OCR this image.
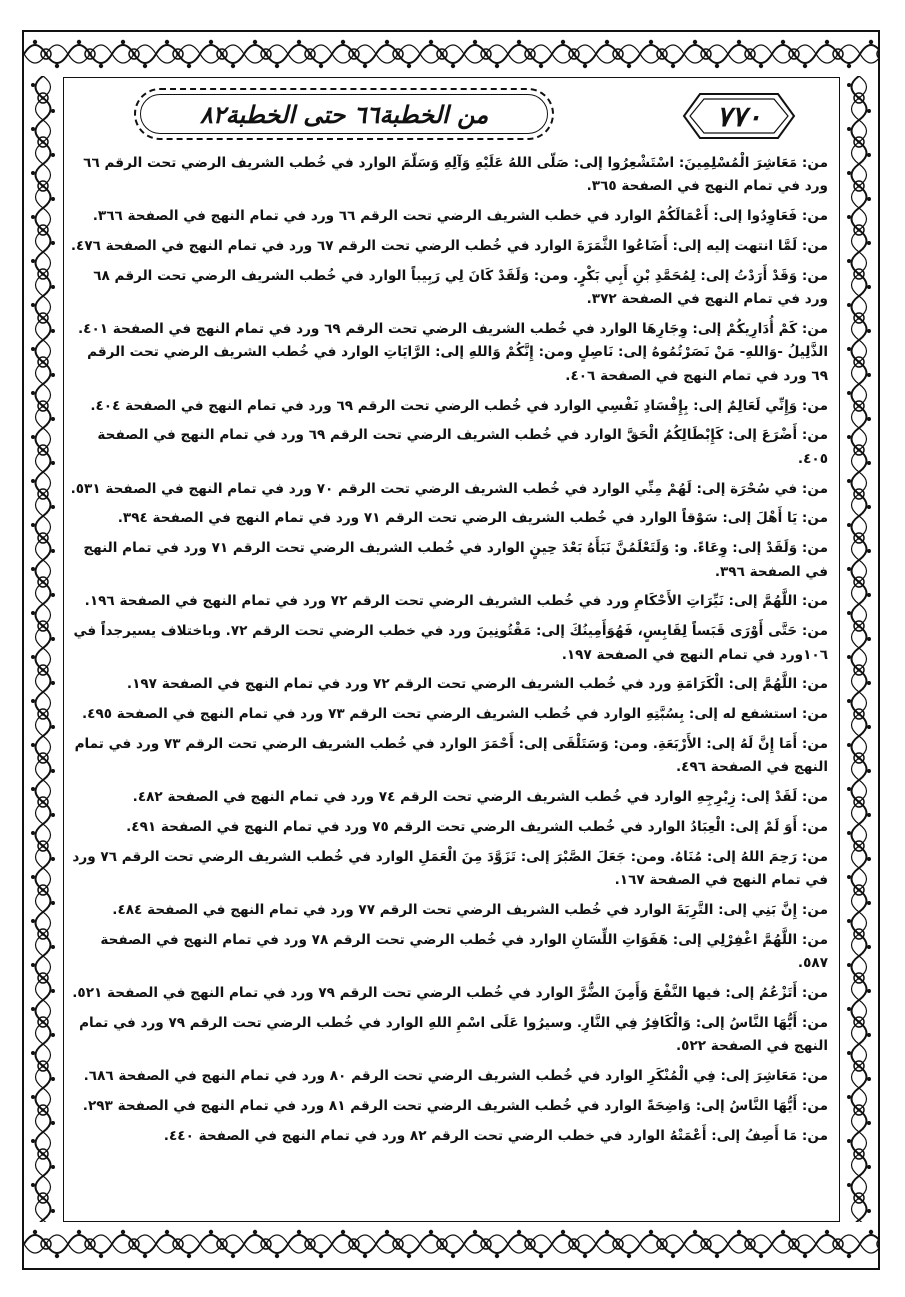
من الخطبة٦٦ حتى الخطبة٨٢	٧٧٠

من: مَعَاشِرَ الْمُسْلِمِينَ: اسْتَشْعِرُوا إلى: صَلَّى اللهُ عَلَيْهِ وَآلِهِ وَسَلَّمَ الوارد في خُطب الشريف الرضي تحت الرقم ٦٦ ورد في تمام النهج في الصفحة ٣٦٥.

من: فَعَاوِدُوا إلى: أَعْمَالَكُمْ الوارد في خطب الشريف الرضي تحت الرقم ٦٦ ورد في تمام النهج في الصفحة ٣٦٦.

من: لَمَّا انتهت إليه إلى: أَضَاعُوا الثَّمَرَةَ الوارد في خُطب الرضي تحت الرقم ٦٧ ورد في تمام النهج في الصفحة ٤٧٦.

من: وَقَدْ أَرَدْتُ إلى: لِمُحَمَّدِ بْنِ أَبِي بَكْرٍ. ومن: وَلَقَدْ كَانَ لِي رَبِيباً الوارد في خُطب الشريف الرضي تحت الرقم ٦٨ ورد في تمام النهج في الصفحة ٣٧٢.

من: كَمْ أُدَارِيكُمْ إلى: وِجَارِهَا الوارد في خُطب الشريف الرضي تحت الرقم ٦٩ ورد في تمام النهج في الصفحة ٤٠١. الذَّلِيلُ -وَاللهِ- مَنْ نَصَرْتُمُوهُ إلى: نَاصِلٍ ومن: إِنَّكُمْ وَاللهِ إلى: الرَّايَاتِ الوارد في خُطب الشريف الرضي تحت الرقم ٦٩ ورد في تمام النهج في الصفحة ٤٠٦.

من: وَإِنِّي لَعَالِمٌ إلى: بِإِفْسَادِ نَفْسِي الوارد في خُطب الرضي تحت الرقم ٦٩ ورد في تمام النهج في الصفحة ٤٠٤.

من: أَضْرَعَ إلى: كَإِبْطَالِكُمُ الْحَقَّ الوارد في خُطب الشريف الرضي تحت الرقم ٦٩ ورد في تمام النهج في الصفحة ٤٠٥.

من: في سُحْرَة إلى: لَهُمْ مِنِّي الوارد في خُطب الشريف الرضي تحت الرقم ٧٠ ورد في تمام النهج في الصفحة ٥٣١.

من: يَا أَهْلَ إلى: سَوْقاً الوارد في خُطب الشريف الرضي تحت الرقم ٧١ ورد في تمام النهج في الصفحة ٣٩٤.

من: وَلَقَدْ إلى: وِعَاءً. و: وَلَتَعْلَمُنَّ نَبَأَهُ بَعْدَ حِينٍ الوارد في خُطب الشريف الرضي تحت الرقم ٧١ ورد في تمام النهج في الصفحة ٣٩٦.

من: اللَّهُمَّ إلى: نَيِّرَاتِ الأَحْكَامِ ورد في خُطب الشريف الرضي تحت الرقم ٧٢ ورد في تمام النهج في الصفحة ١٩٦.

من: حَتَّى أَوْرَى قَبَساً لِقَابِسٍ، فَهُوَأَمِينُكَ إلى: مَقْتُونِينَ ورد في خطب الرضي تحت الرقم ٧٢. وباختلاف يسيرجداً في ١٠٦ورد في تمام النهج في الصفحة ١٩٧.

من: اللَّهُمَّ إلى: الْكَرَامَةِ ورد في خُطب الشريف الرضي تحت الرقم ٧٢ ورد في تمام النهج في الصفحة ١٩٧.

من: استشفع له إلى: بِسُبَّتِهِ الوارد في خُطب الشريف الرضي تحت الرقم ٧٣ ورد في تمام النهج في الصفحة ٤٩٥.

من: أَمَا إِنَّ لَهُ إلى: الأَرْبَعَةِ. ومن: وَسَتَلْقَى إلى: أَحْمَرَ الوارد في خُطب الشريف الرضي تحت الرقم ٧٣ ورد في تمام النهج في الصفحة ٤٩٦.

من: لَقَدْ إلى: زِبْرِجِهِ الوارد في خُطب الشريف الرضي تحت الرقم ٧٤ ورد في تمام النهج في الصفحة ٤٨٢.

من: أَوَ لَمْ إلى: الْعِبَادُ الوارد في خُطب الشريف الرضي تحت الرقم ٧٥ ورد في تمام النهج في الصفحة ٤٩١.

من: رَحِمَ اللهُ إلى: مُنَاهُ. ومن: جَعَلَ الصَّبْرَ إلى: تَزَوَّدَ مِنَ الْعَمَلِ الوارد في خُطب الشريف الرضي تحت الرقم ٧٦ ورد في تمام النهج في الصفحة ١٦٧.

من: إِنَّ بَنِي إلى: التَّرِبَةَ الوارد في خُطب الشريف الرضي تحت الرقم ٧٧ ورد في تمام النهج في الصفحة ٤٨٤.

من: اللَّهُمَّ اغْفِرْلِي إلى: هَفَوَاتِ اللِّسَانِ الوارد في خُطب الرضي تحت الرقم ٧٨ ورد في تمام النهج في الصفحة ٥٨٧.

من: أَتَزْعُمُ إلى: فيها النَّفْعَ وَأَمِنَ الضُّرَّ الوارد في خُطب الرضي تحت الرقم ٧٩ ورد في تمام النهج في الصفحة ٥٢١.

من: أَيُّهَا النَّاسُ إلى: وَالْكَافِرُ فِي النَّارِ. وسيرُوا عَلَى اسْمِ اللهِ الوارد في خُطب الرضي تحت الرقم ٧٩ ورد في تمام النهج في الصفحة ٥٢٢.

من: مَعَاشِرَ إلى: فِي الْمُنْكَرِ الوارد في خُطب الشريف الرضي تحت الرقم ٨٠ ورد في تمام النهج في الصفحة ٦٨٦.

من: أَيُّهَا النَّاسُ إلى: وَاضِحَةً الوارد في خُطب الشريف الرضي تحت الرقم ٨١ ورد في تمام النهج في الصفحة ٢٩٣.

من: مَا أَصِفُ إلى: أَعْمَتْهُ الوارد في خطب الرضي تحت الرقم ٨٢ ورد في تمام النهج في الصفحة ٤٤٠.
